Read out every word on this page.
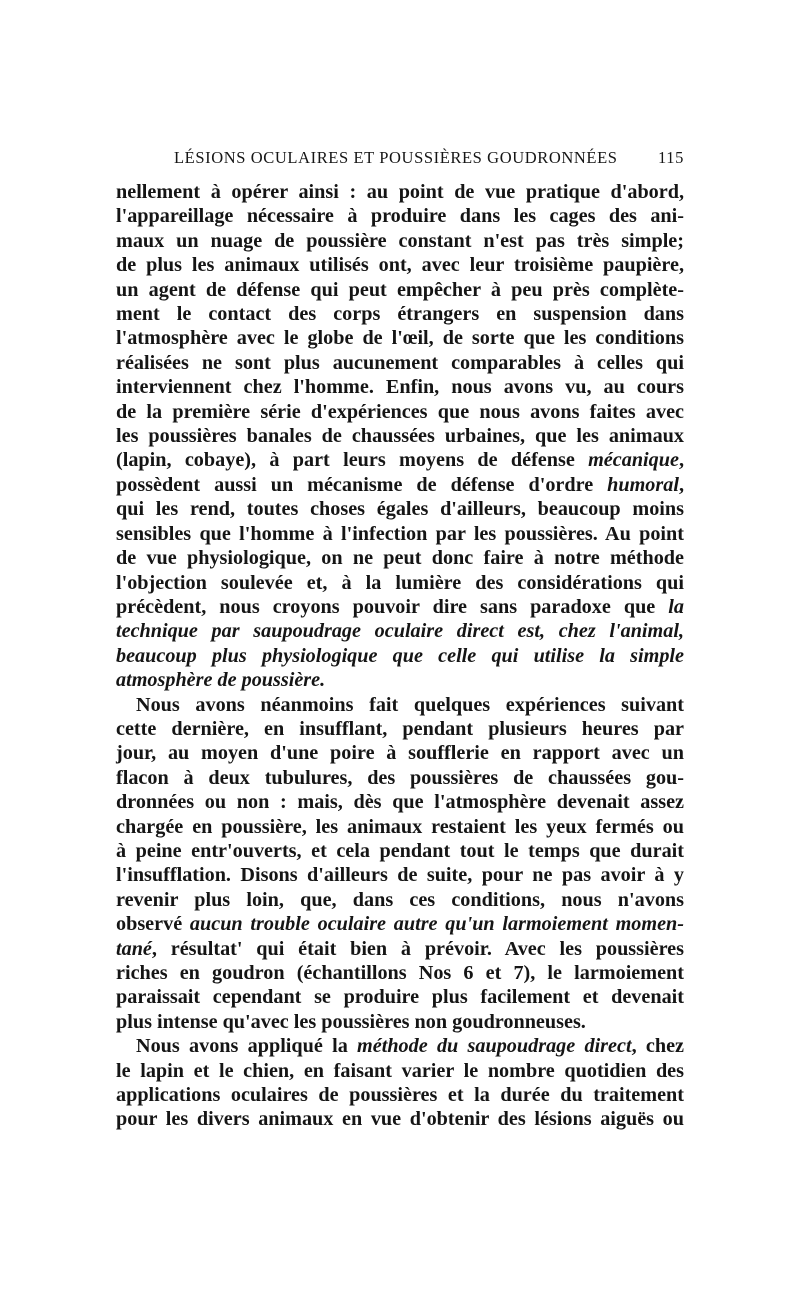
LÉSIONS OCULAIRES ET POUSSIÈRES GOUDRONNÉES 115
nellement à opérer ainsi : au point de vue pratique d'abord,
l'appareillage nécessaire à produire dans les cages des ani-
maux un nuage de poussière constant n'est pas très simple;
de plus les animaux utilisés ont, avec leur troisième paupière,
un agent de défense qui peut empêcher à peu près complète-
ment le contact des corps étrangers en suspension dans
l'atmosphère avec le globe de l'œil, de sorte que les conditions
réalisées ne sont plus aucunement comparables à celles qui
interviennent chez l'homme. Enfin, nous avons vu, au cours
de la première série d'expériences que nous avons faites avec
les poussières banales de chaussées urbaines, que les animaux
(lapin, cobaye), à part leurs moyens de défense mécanique,
possèdent aussi un mécanisme de défense d'ordre humoral,
qui les rend, toutes choses égales d'ailleurs, beaucoup moins
sensibles que l'homme à l'infection par les poussières. Au point
de vue physiologique, on ne peut donc faire à notre méthode
l'objection soulevée et, à la lumière des considérations qui
précèdent, nous croyons pouvoir dire sans paradoxe que la
technique par saupoudrage oculaire direct est, chez l'animal,
beaucoup plus physiologique que celle qui utilise la simple
atmosphère de poussière.
Nous avons néanmoins fait quelques expériences suivant
cette dernière, en insufflant, pendant plusieurs heures par
jour, au moyen d'une poire à soufflerie en rapport avec un
flacon à deux tubulures, des poussières de chaussées gou-
dronnées ou non : mais, dès que l'atmosphère devenait assez
chargée en poussière, les animaux restaient les yeux fermés ou
à peine entr'ouverts, et cela pendant tout le temps que durait
l'insufflation. Disons d'ailleurs de suite, pour ne pas avoir à y
revenir plus loin, que, dans ces conditions, nous n'avons
observé aucun trouble oculaire autre qu'un larmoiement momen-
tané, résultat' qui était bien à prévoir. Avec les poussières
riches en goudron (échantillons Nos 6 et 7), le larmoiement
paraissait cependant se produire plus facilement et devenait
plus intense qu'avec les poussières non goudronneuses.
Nous avons appliqué la méthode du saupoudrage direct, chez
le lapin et le chien, en faisant varier le nombre quotidien des
applications oculaires de poussières et la durée du traitement
pour les divers animaux en vue d'obtenir des lésions aiguës ou
